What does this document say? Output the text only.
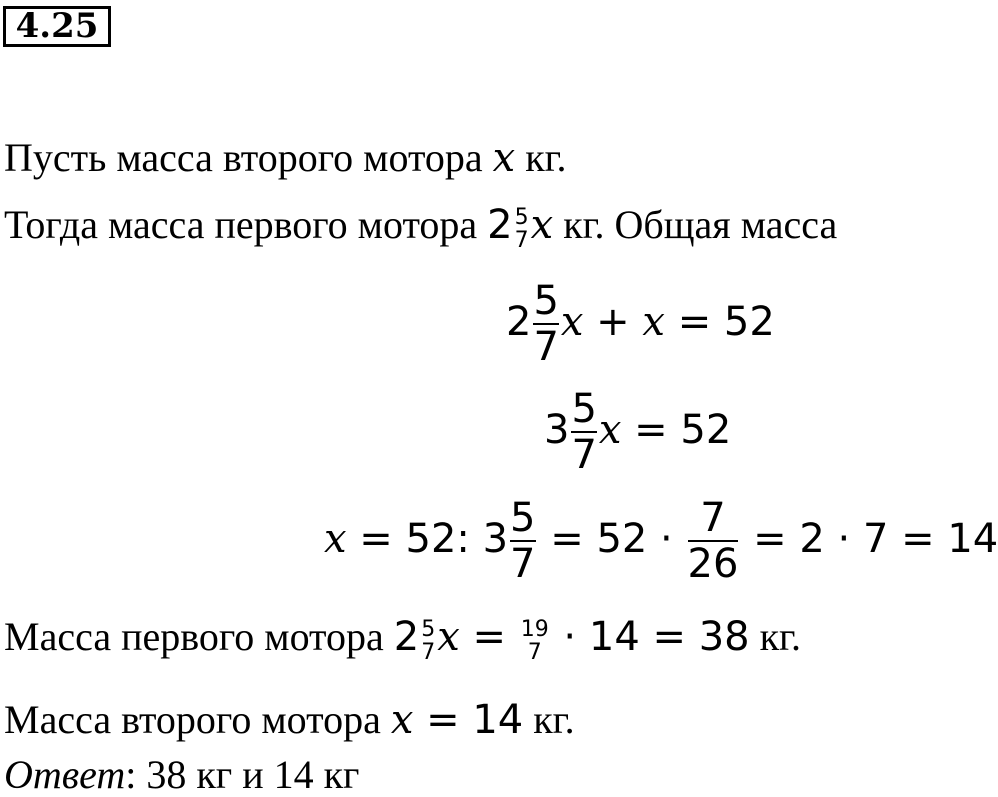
4.25
Пусть масса второго мотора x кг.
Тогда масса первого мотора 2 5
7 x кг. Общая масса
$2 \frac{5}{7}$ x + x = 52
$3 \frac{5}{7}$ x = 52
x = 52: $3 \frac{5}{7} = 52 \cdot \frac{7}{26} = 2 \cdot 7 = 14$
Масса первого мотора 2 5
7 x = 19
7 · 14 = 38 кг.
Масса второго мотора x = 14 кг.
Ответ: 38 кг и 14 кг
